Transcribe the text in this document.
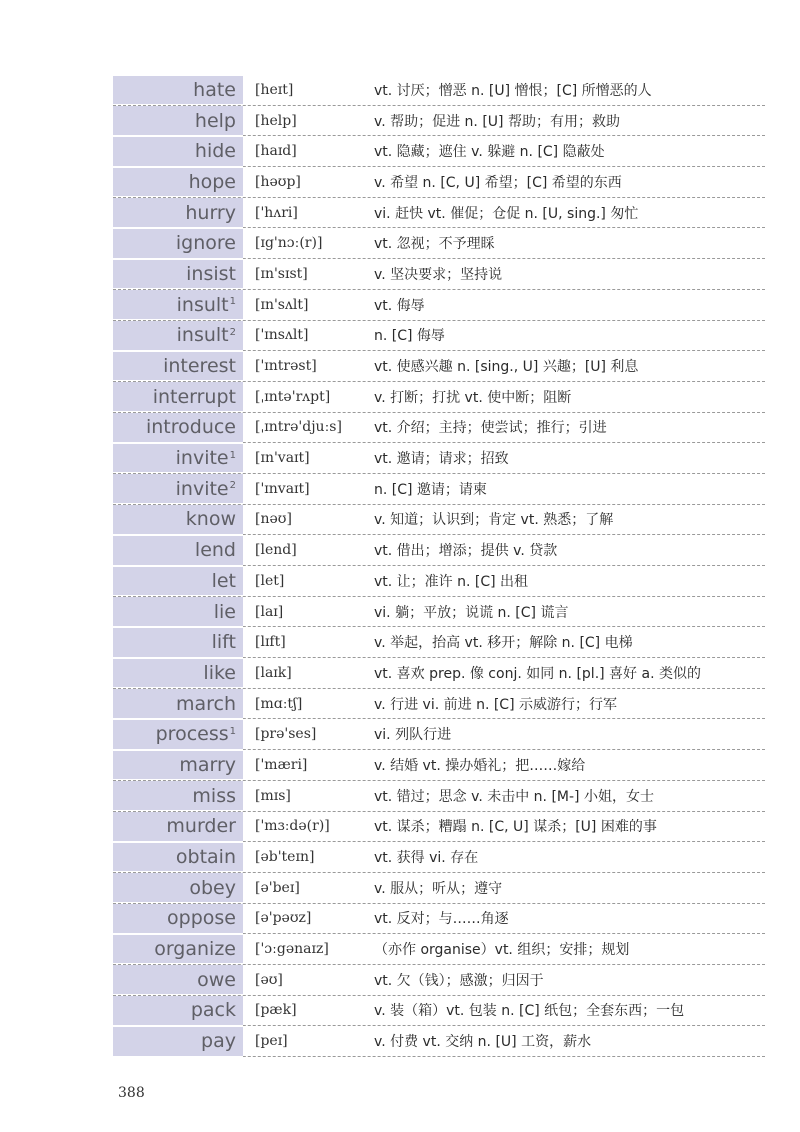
hate	[heɪt]	vt. 讨厌；憎恶 n. [U] 憎恨；[C] 所憎恶的人
help	[help]	v. 帮助；促进 n. [U] 帮助；有用；救助
hide	[haɪd]	vt. 隐藏；遮住 v. 躲避 n. [C] 隐蔽处
hope	[həʊp]	v. 希望 n. [C, U] 希望；[C] 希望的东西
hurry	['hʌri]	vi. 赶快 vt. 催促；仓促 n. [U, sing.] 匆忙
ignore	[ɪg'nɔː(r)]	vt. 忽视；不予理睬
insist	[ɪn'sɪst]	v. 坚决要求；坚持说
insult$^1$	[ɪn'sʌlt]	vt. 侮辱
insult$^2$	['ɪnsʌlt]	n. [C] 侮辱
interest	['ɪntrəst]	vt. 使感兴趣 n. [sing., U] 兴趣；[U] 利息
interrupt	[ˌɪntə'rʌpt]	v. 打断；打扰 vt. 使中断；阻断
introduce	[ˌɪntrə'djuːs]	vt. 介绍；主持；使尝试；推行；引进
invite$^1$	[ɪn'vaɪt]	vt. 邀请；请求；招致
invite$^2$	['ɪnvaɪt]	n. [C] 邀请；请柬
know	[nəʊ]	v. 知道；认识到；肯定 vt. 熟悉；了解
lend	[lend]	vt. 借出；增添；提供 v. 贷款
let	[let]	vt. 让；准许 n. [C] 出租
lie	[laɪ]	vi. 躺；平放；说谎 n. [C] 谎言
lift	[lɪft]	v. 举起，抬高 vt. 移开；解除 n. [C] 电梯
like	[laɪk]	vt. 喜欢 prep. 像 conj. 如同 n. [pl.] 喜好 a. 类似的
march	[mɑːtʃ]	v. 行进 vi. 前进 n. [C] 示威游行；行军
process$^1$	[prə'ses]	vi. 列队行进
marry	['mæri]	v. 结婚 vt. 操办婚礼；把……嫁给
miss	[mɪs]	vt. 错过；思念 v. 未击中 n. [M-] 小姐，女士
murder	['mɜːdə(r)]	vt. 谋杀；糟蹋 n. [C, U] 谋杀；[U] 困难的事
obtain	[əb'teɪn]	vt. 获得 vi. 存在
obey	[ə'beɪ]	v. 服从；听从；遵守
oppose	[ə'pəʊz]	vt. 反对；与……角逐
organize	['ɔːgənaɪz]	（亦作 organise）vt. 组织；安排；规划
owe	[əʊ]	vt. 欠（钱）；感激；归因于
pack	[pæk]	v. 装（箱）vt. 包装 n. [C] 纸包；全套东西；一包
pay	[peɪ]	v. 付费 vt. 交纳 n. [U] 工资，薪水
388
